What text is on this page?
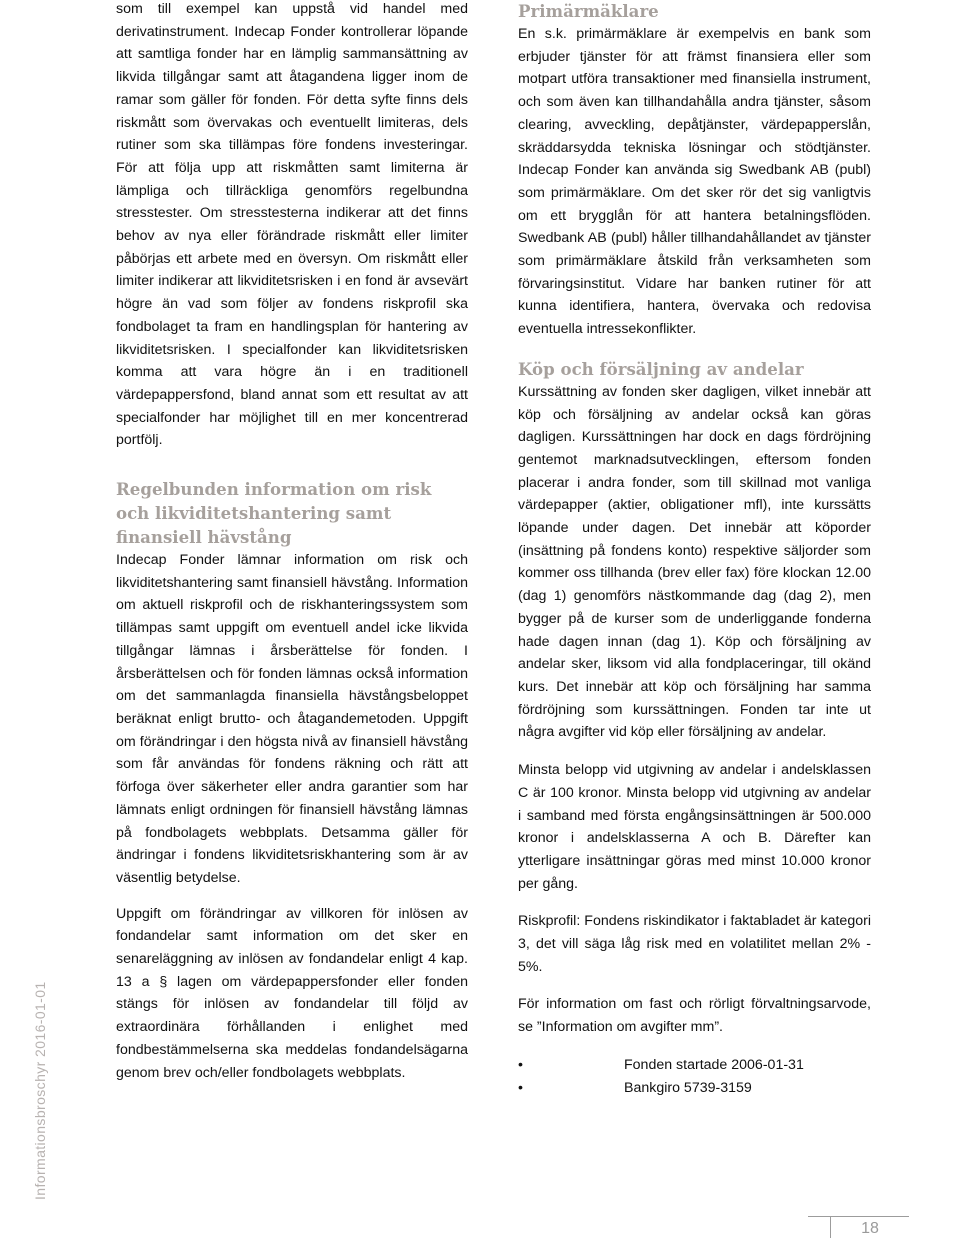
Informationsbroschyr 2016-01-01

som till exempel kan uppstå vid handel med derivatinstrument. Indecap Fonder kontrollerar löpande att samtliga fonder har en lämplig sammansättning av likvida tillgångar samt att åtagandena ligger inom de ramar som gäller för fonden. För detta syfte finns dels riskmått som övervakas och eventuellt limiteras, dels rutiner som ska tillämpas före fondens investeringar. För att följa upp att riskmåtten samt limiterna är lämpliga och tillräckliga genomförs regelbundna stresstester. Om stresstesterna indikerar att det finns behov av nya eller förändrade riskmått eller limiter påbörjas ett arbete med en översyn. Om riskmått eller limiter indikerar att likviditetsrisken i en fond är avsevärt högre än vad som följer av fondens riskprofil ska fondbolaget ta fram en handlingsplan för hantering av likviditetsrisken. I specialfonder kan likviditetsrisken komma att vara högre än i en traditionell värdepappersfond, bland annat som ett resultat av att specialfonder har möjlighet till en mer koncentrerad portfölj.

Regelbunden information om risk och likviditetshantering samt finansiell hävstång

Indecap Fonder lämnar information om risk och likviditetshantering samt finansiell hävstång. Information om aktuell riskprofil och de riskhanteringssystem som tillämpas samt uppgift om eventuell andel icke likvida tillgångar lämnas i årsberättelse för fonden. I årsberättelsen och för fonden lämnas också information om det sammanlagda finansiella hävstångsbeloppet beräknat enligt brutto- och åtagandemetoden. Uppgift om förändringar i den högsta nivå av finansiell hävstång som får användas för fondens räkning och rätt att förfoga över säkerheter eller andra garantier som har lämnats enligt ordningen för finansiell hävstång lämnas på fondbolagets webbplats. Detsamma gäller för ändringar i fondens likviditetsriskhantering som är av väsentlig betydelse.

Uppgift om förändringar av villkoren för inlösen av fondandelar samt information om det sker en senareläggning av inlösen av fondandelar enligt 4 kap. 13 a § lagen om värdepappersfonder eller fonden stängs för inlösen av fondandelar till följd av extraordinära förhållanden i enlighet med fondbestämmelserna ska meddelas fondandelsägarna genom brev och/eller fondbolagets webbplats.

Primärmäklare

En s.k. primärmäklare är exempelvis en bank som erbjuder tjänster för att främst finansiera eller som motpart utföra transaktioner med finansiella instrument, och som även kan tillhandahålla andra tjänster, såsom clearing, avveckling, depåtjänster, värdepapperslån, skräddarsydda tekniska lösningar och stödtjänster. Indecap Fonder kan använda sig Swedbank AB (publ) som primärmäklare. Om det sker rör det sig vanligtvis om ett brygglån för att hantera betalningsflöden. Swedbank AB (publ) håller tillhandahållandet av tjänster som primärmäklare åtskild från verksamheten som förvaringsinstitut. Vidare har banken rutiner för att kunna identifiera, hantera, övervaka och redovisa eventuella intressekonflikter.

Köp och försäljning av andelar

Kurssättning av fonden sker dagligen, vilket innebär att köp och försäljning av andelar också kan göras dagligen. Kurssättningen har dock en dags fördröjning gentemot marknadsutvecklingen, eftersom fonden placerar i andra fonder, som till skillnad mot vanliga värdepapper (aktier, obligationer mfl), inte kurssätts löpande under dagen. Det innebär att köporder (insättning på fondens konto) respektive säljorder som kommer oss tillhanda (brev eller fax) före klockan 12.00 (dag 1) genomförs nästkommande dag (dag 2), men bygger på de kurser som de underliggande fonderna hade dagen innan (dag 1). Köp och försäljning av andelar sker, liksom vid alla fondplaceringar, till okänd kurs. Det innebär att köp och försäljning har samma fördröjning som kurssättningen. Fonden tar inte ut några avgifter vid köp eller försäljning av andelar.

Minsta belopp vid utgivning av andelar i andelsklassen C är 100 kronor. Minsta belopp vid utgivning av andelar i samband med första engångsinsättningen är 500.000 kronor i andelsklasserna A och B. Därefter kan ytterligare insättningar göras med minst 10.000 kronor per gång.

Riskprofil: Fondens riskindikator i faktabladet är kategori 3, det vill säga låg risk med en volatilitet mellan 2% - 5%.

För information om fast och rörligt förvaltningsarvode, se ”Information om avgifter mm”.

•	Fonden startade 2006-01-31
•	Bankgiro 5739-3159
18
